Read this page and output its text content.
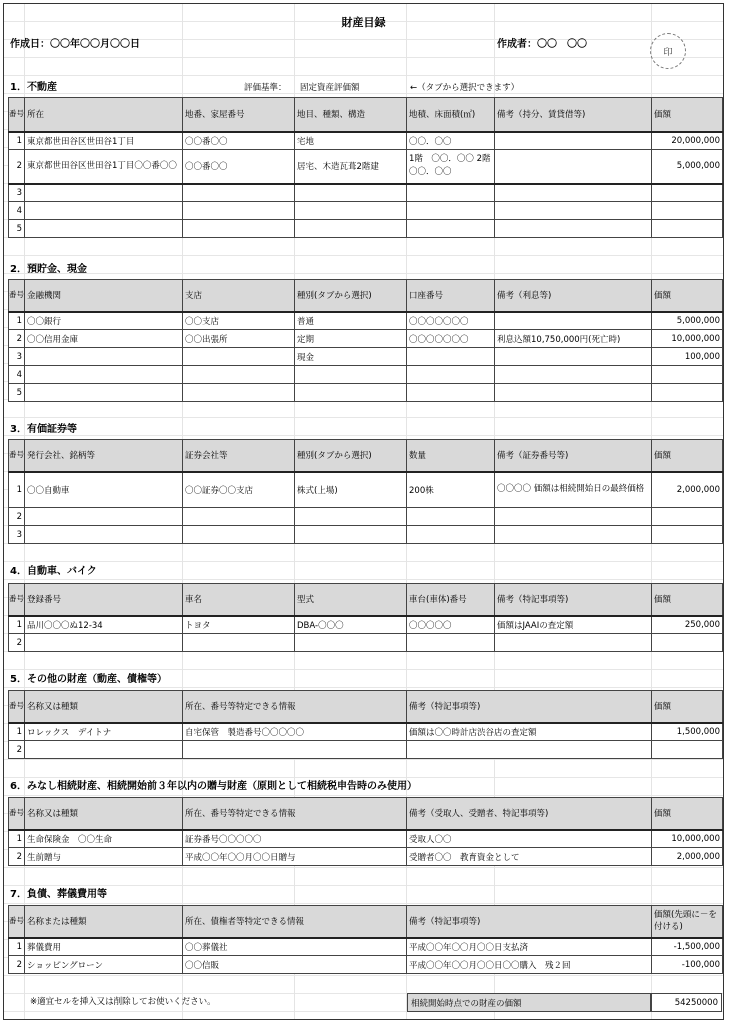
財産目録
作成日：〇〇年〇〇月〇〇日	作成者：〇〇　〇〇
印
1．不動産	評価基準： 固定資産評価額	←（タブから選択できます）
番号	所在	地番、家屋番号	地目、種類、構造	地積、床面積(㎡)	備考（持分、賃貸借等)	価額
1	東京都世田谷区世田谷1丁目	〇〇番〇〇	宅地	〇〇．〇〇		20,000,000
2	東京都世田谷区世田谷1丁目〇〇番〇〇	〇〇番〇〇	居宅、木造瓦葺2階建	1階　〇〇．〇〇 2階　〇〇．〇〇		5,000,000
3						
4						
5						
2．預貯金、現金
番号	金融機関	支店	種別(タブから選択)	口座番号	備考（利息等)	価額
1	〇〇銀行	〇〇支店	普通	〇〇〇〇〇〇〇		5,000,000
2	〇〇信用金庫	〇〇出張所	定期	〇〇〇〇〇〇〇	利息込額10,750,000円(死亡時)	10,000,000
3			現金			100,000
4						
5						
3．有価証券等
番号	発行会社、銘柄等	証券会社等	種別(タブから選択)	数量	備考（証券番号等)	価額
1	〇〇自動車	〇〇証券〇〇支店	株式(上場)	200株	〇〇〇〇 価額は相続開始日の最終価格	2,000,000
2						
3						
4．自動車、バイク
番号	登録番号	車名	型式	車台(車体)番号	備考（特記事項等)	価額
1	品川〇〇〇ぬ12-34	トヨタ	DBA-〇〇〇	〇〇〇〇〇	価額はJAAIの査定額	250,000
2						
5．その他の財産（動産、債権等）
番号	名称又は種類	所在、番号等特定できる情報	備考（特記事項等)	価額
1	ロレックス　デイトナ	自宅保管　製造番号〇〇〇〇〇	価額は〇〇時計店渋谷店の査定額	1,500,000
2				
6．みなし相続財産、相続開始前３年以内の贈与財産（原則として相続税申告時のみ使用）
番号	名称又は種類	所在、番号等特定できる情報	備考（受取人、受贈者、特記事項等)	価額
1	生命保険金　〇〇生命	証券番号〇〇〇〇〇	受取人〇〇	10,000,000
2	生前贈与	平成〇〇年〇〇月〇〇日贈与	受贈者〇〇　教育資金として	2,000,000
7．負債、葬儀費用等
番号	名称または種類	所在、債権者等特定できる情報	備考（特記事項等)	価額(先頭に－を付ける)
1	葬儀費用	〇〇葬儀社	平成〇〇年〇〇月〇〇日支払済	-1,500,000
2	ショッピングローン	〇〇信販	平成〇〇年〇〇月〇〇日〇〇購入　残２回	-100,000
※適宜セルを挿入又は削除してお使いください。	相続開始時点での財産の価額	54250000
